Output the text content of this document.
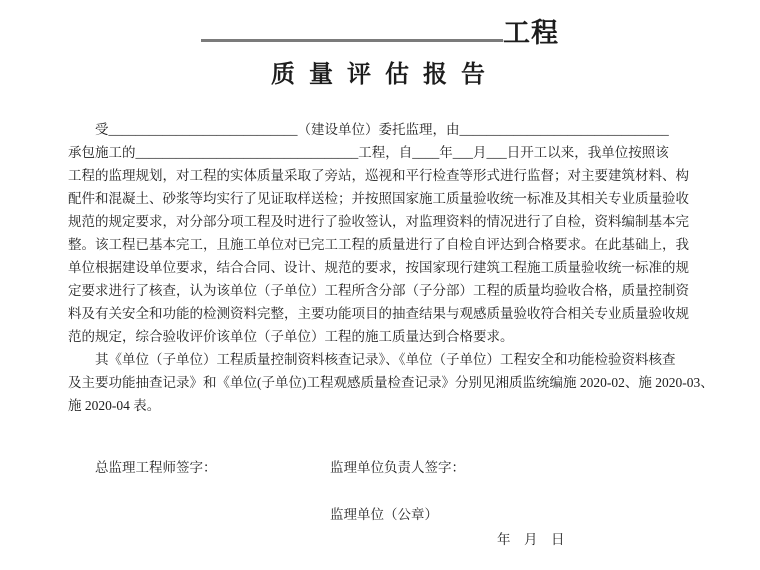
工程
质 量 评 估 报 告
　　受____________________________（建设单位）委托监理，由_______________________________
承包施工的_________________________________工程，自____年___月___日开工以来，我单位按照该
工程的监理规划，对工程的实体质量采取了旁站，巡视和平行检查等形式进行监督；对主要建筑材料、构
配件和混凝土、砂浆等均实行了见证取样送检；并按照国家施工质量验收统一标准及其相关专业质量验收
规范的规定要求，对分部分项工程及时进行了验收签认，对监理资料的情况进行了自检，资料编制基本完
整。该工程已基本完工，且施工单位对已完工工程的质量进行了自检自评达到合格要求。在此基础上，我
单位根据建设单位要求，结合合同、设计、规范的要求，按国家现行建筑工程施工质量验收统一标准的规
定要求进行了核查，认为该单位（子单位）工程所含分部（子分部）工程的质量均验收合格，质量控制资
料及有关安全和功能的检测资料完整，主要功能项目的抽查结果与观感质量验收符合相关专业质量验收规
范的规定，综合验收评价该单位（子单位）工程的施工质量达到合格要求。
　　其《单位（子单位）工程质量控制资料核查记录》、《单位（子单位）工程安全和功能检验资料核查
及主要功能抽查记录》和《单位(子单位)工程观感质量检查记录》分别见湘质监统编施 2020-02、施 2020-03、
施 2020-04 表。
总监理工程师签字：	监理单位负责人签字：
监理单位（公章）
年    月    日
